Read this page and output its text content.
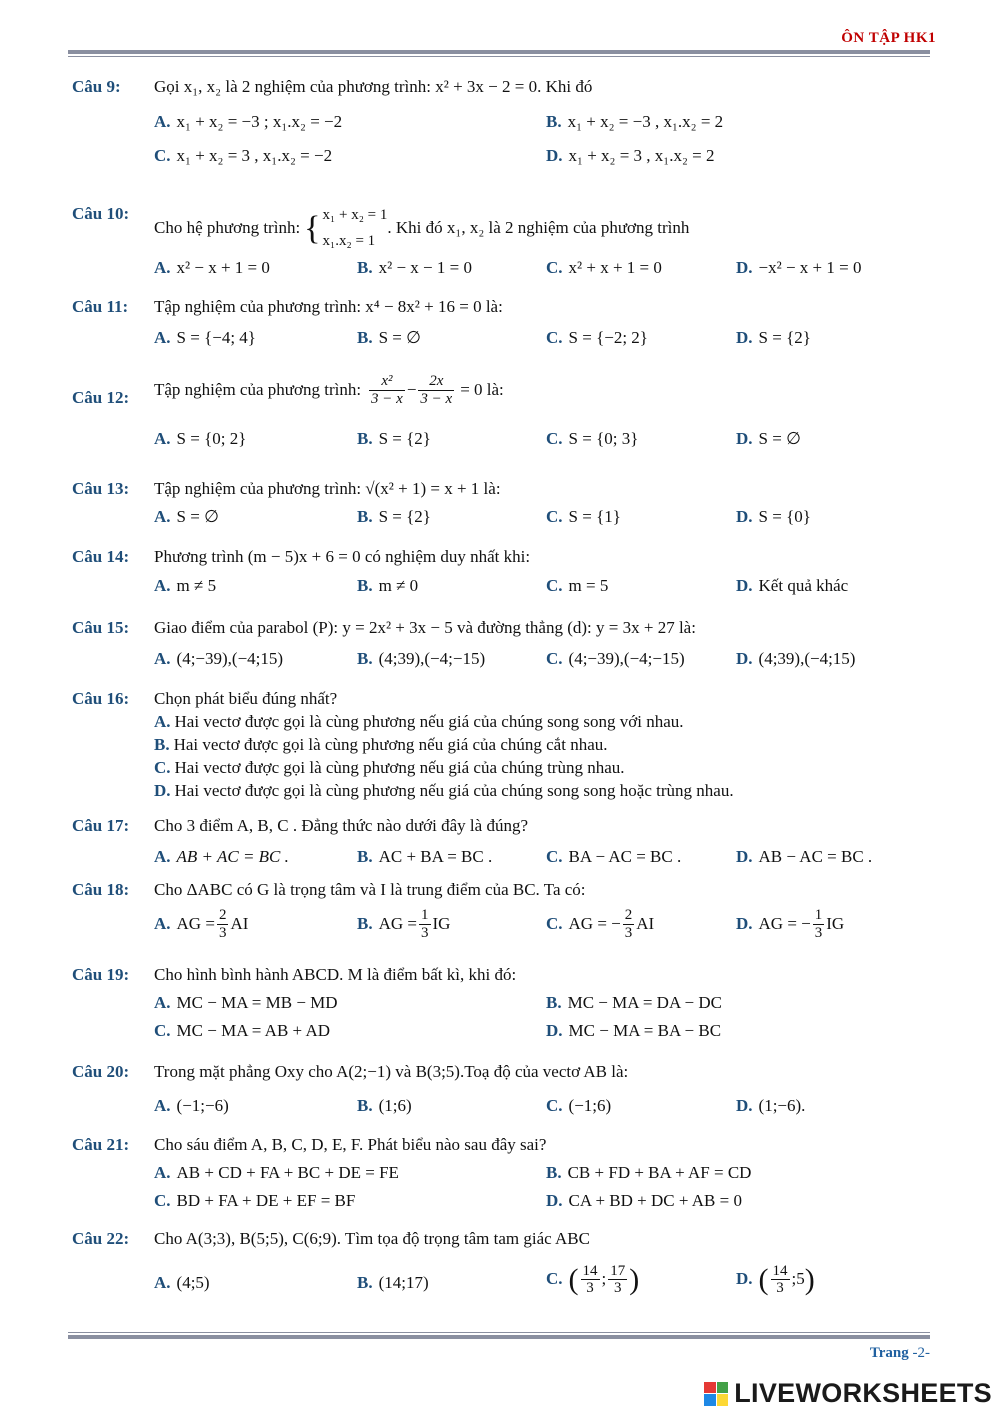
ÔN TẬP HK1
Câu 9: Gọi x₁, x₂ là 2 nghiệm của phương trình: x² + 3x − 2 = 0. Khi đó
A. x₁ + x₂ = −3 ; x₁.x₂ = −2	B. x₁ + x₂ = −3 , x₁.x₂ = 2
C. x₁ + x₂ = 3 , x₁.x₂ = −2	D. x₁ + x₂ = 3 , x₁.x₂ = 2
Câu 10:
Cho hệ phương trình: { x₁ + x₂ = 1
x₁.x₂ = 1
. Khi đó x₁, x₂ là 2 nghiệm của phương trình
A. x² − x + 1 = 0	B. x² − x − 1 = 0	C. x² + x + 1 = 0	D. −x² − x + 1 = 0
Câu 11: Tập nghiệm của phương trình: x⁴ − 8x² + 16 = 0 là:
A. S = {−4; 4}	B. S = ∅	C. S = {−2; 2}	D. S = {2}
Câu 12: Tập nghiệm của phương trình: $\frac{\text{x²}}{3 - x} - \frac{2x}{3 - x} = 0$ là:
A. S = {0; 2}	B. S = {2}	C. S = {0; 3}	D. S = ∅
Câu 13: Tập nghiệm của phương trình: √(x² + 1) = x + 1 là:
A. S = ∅	B. S = {2}	C. S = {1}	D. S = {0}
Câu 14: Phương trình (m − 5)x + 6 = 0 có nghiệm duy nhất khi:
A. m ≠ 5	B. m ≠ 0	C. m = 5	D. Kết quả khác
Câu 15: Giao điểm của parabol (P): y = 2x² + 3x − 5 và đường thẳng (d): y = 3x + 27 là:
A. (4;−39),(−4;15)	B. (4;39),(−4;−15)	C. (4;−39),(−4;−15)	D. (4;39),(−4;15)
Câu 16: Chọn phát biểu đúng nhất?
A. Hai vectơ được gọi là cùng phương nếu giá của chúng song song với nhau.
B. Hai vectơ được gọi là cùng phương nếu giá của chúng cắt nhau.
C. Hai vectơ được gọi là cùng phương nếu giá của chúng trùng nhau.
D. Hai vectơ được gọi là cùng phương nếu giá của chúng song song hoặc trùng nhau.
Câu 17: Cho 3 điểm A, B, C . Đẳng thức nào dưới đây là đúng?
A. AB + AC = BC .	B. AC + BA = BC .	C. BA − AC = BC .	D. AB − AC = BC .
Câu 18: Cho ΔABC có G là trọng tâm và I là trung điểm của BC. Ta có:
A. AG = $\frac{2}{3}$ AI	B. AG = $\frac{1}{3}$ IG	C. AG = − $\frac{2}{3}$ AI	D. AG = − $\frac{1}{3}$ IG
Câu 19: Cho hình bình hành ABCD. M là điểm bất kì, khi đó:
A. MC − MA = MB − MD	B. MC − MA = DA − DC
C. MC − MA = AB + AD	D. MC − MA = BA − BC
Câu 20: Trong mặt phẳng Oxy cho A(2;−1) và B(3;5).Toạ độ của vectơ AB là:
A. (−1;−6)	B. (1;6)	C. (−1;6)	D. (1;−6).
Câu 21: Cho sáu điểm A, B, C, D, E, F. Phát biểu nào sau đây sai?
A. AB + CD + FA + BC + DE = FE	B. CB + FD + BA + AF = CD
C. BD + FA + DE + EF = BF	D. CA + BD + DC + AB = 0
Câu 22: Cho A(3;3), B(5;5), C(6;9). Tìm tọa độ trọng tâm tam giác ABC
A. (4;5)	B. (14;17)	C. ( $\frac{14}{3}$ ; $\frac{17}{3}$ )	D. ( $\frac{14}{3}$ ; 5 )
Trang -2-
LIVEWORKSHEETS
